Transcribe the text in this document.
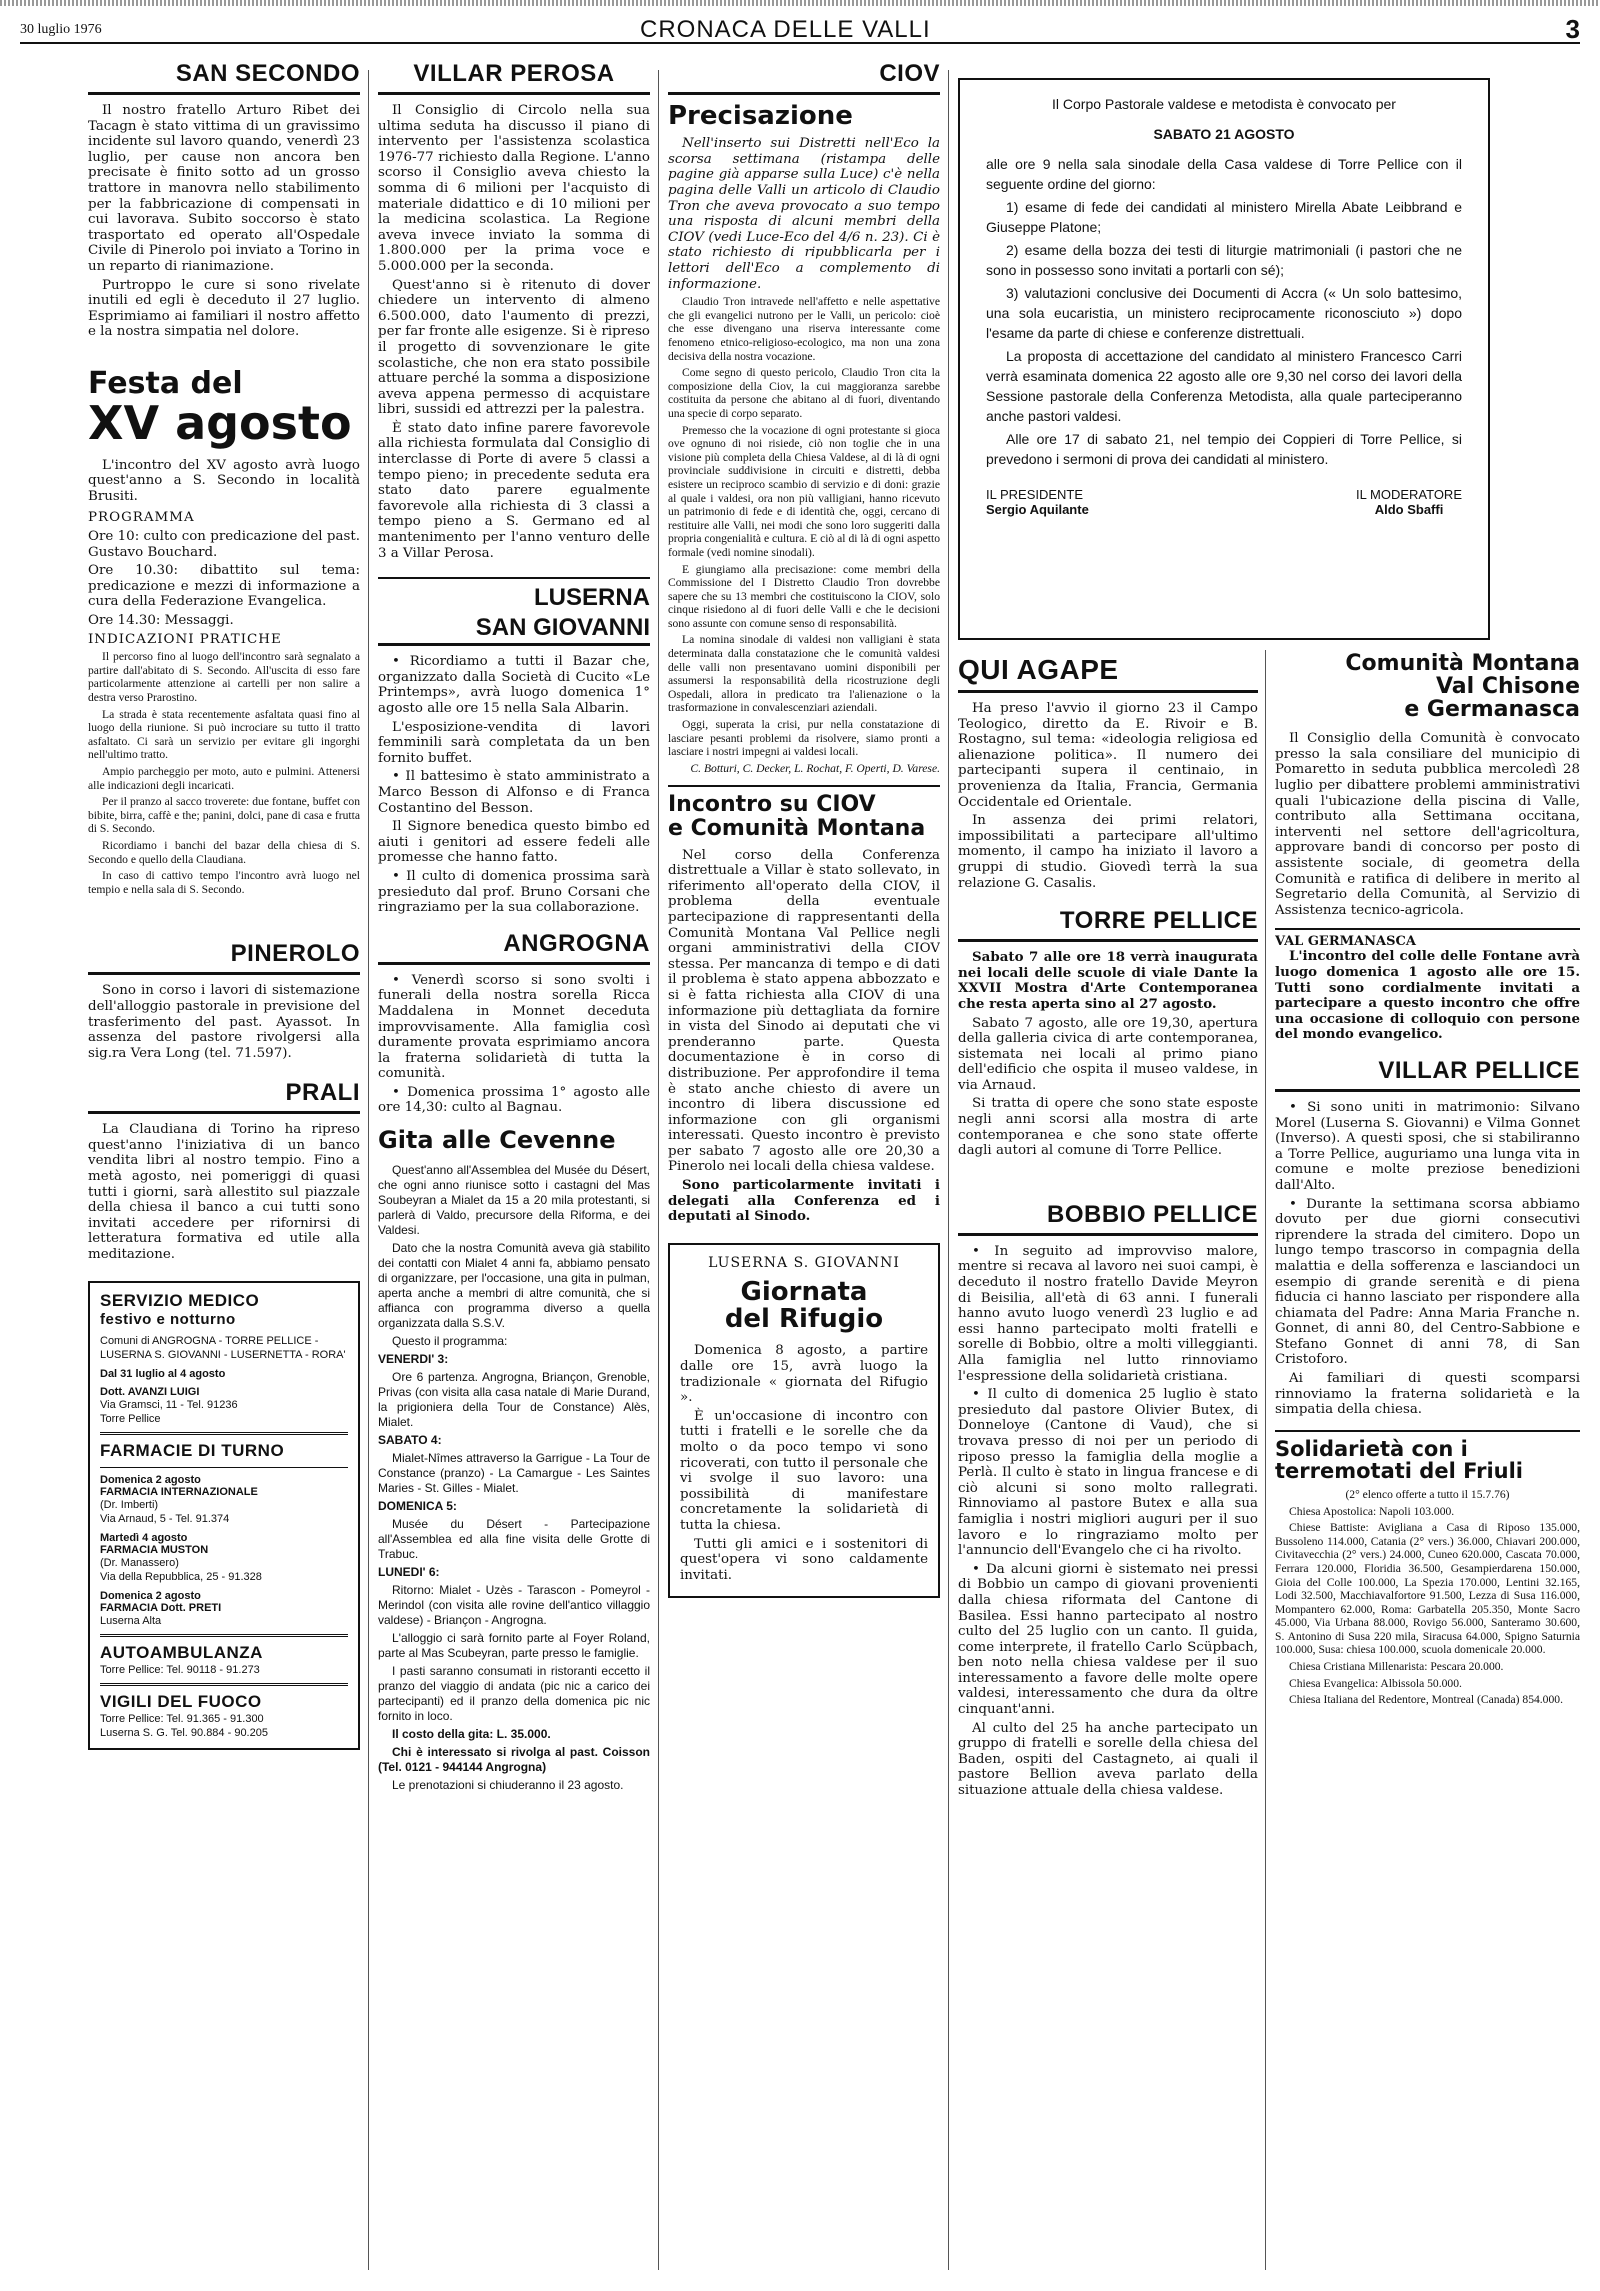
30 luglio 1976	CRONACA DELLE VALLI	3
SAN SECONDO

Il nostro fratello Arturo Ribet dei Tacagn è stato vittima di un gravissimo incidente sul lavoro quando, venerdì 23 luglio, per cause non ancora ben precisate è finito sotto ad un grosso trattore in manovra nello stabilimento per la fabbricazione di compensati in cui lavorava. Subito soccorso è stato trasportato ed operato all'Ospedale Civile di Pinerolo poi inviato a Torino in un reparto di rianimazione.

Purtroppo le cure si sono rivelate inutili ed egli è deceduto il 27 luglio. Esprimiamo ai familiari il nostro affetto e la nostra simpatia nel dolore.

Festa del
XV agosto

L'incontro del XV agosto avrà luogo quest'anno a S. Secondo in località Brusiti.

PROGRAMMA

Ore 10: culto con predicazione del past. Gustavo Bouchard.

Ore 10.30: dibattito sul tema: predicazione e mezzi di informazione a cura della Federazione Evangelica.

Ore 14.30: Messaggi.

INDICAZIONI PRATICHE

Il percorso fino al luogo dell'incontro sarà segnalato a partire dall'abitato di S. Secondo. All'uscita di esso fare particolarmente attenzione ai cartelli per non salire a destra verso Prarostino.

La strada è stata recentemente asfaltata quasi fino al luogo della riunione. Si può incrociare su tutto il tratto asfaltato. Ci sarà un servizio per evitare gli ingorghi nell'ultimo tratto.

Ampio parcheggio per moto, auto e pulmini. Attenersi alle indicazioni degli incaricati.

Per il pranzo al sacco troverete: due fontane, buffet con bibite, birra, caffè e the; panini, dolci, pane di casa e frutta di S. Secondo.

Ricordiamo i banchi del bazar della chiesa di S. Secondo e quello della Claudiana.

In caso di cattivo tempo l'incontro avrà luogo nel tempio e nella sala di S. Secondo.

PINEROLO

Sono in corso i lavori di sistemazione dell'alloggio pastorale in previsione del trasferimento del past. Ayassot. In assenza del pastore rivolgersi alla sig.ra Vera Long (tel. 71.597).

PRALI

La Claudiana di Torino ha ripreso quest'anno l'iniziativa di un banco vendita libri al nostro tempio. Fino a metà agosto, nei pomeriggi di quasi tutti i giorni, sarà allestito sul piazzale della chiesa il banco a cui tutti sono invitati accedere per rifornirsi di letteratura formativa ed utile alla meditazione.

SERVIZIO MEDICO
festivo e notturno
Comuni di ANGROGNA - TORRE PELLICE - LUSERNA S. GIOVANNI - LUSERNETTA - RORA'
Dal 31 luglio al 4 agosto
Dott. AVANZI LUIGI
Via Gramsci, 11 - Tel. 91236
Torre Pellice
FARMACIE DI TURNO
Domenica 2 agosto
FARMACIA INTERNAZIONALE
(Dr. Imberti)
Via Arnaud, 5 - Tel. 91.374
Martedì 4 agosto
FARMACIA MUSTON
(Dr. Manassero)
Via della Repubblica, 25 - 91.328
Domenica 2 agosto
FARMACIA Dott. PRETI
Luserna Alta
AUTOAMBULANZA
Torre Pellice: Tel. 90118 - 91.273
VIGILI DEL FUOCO
Torre Pellice: Tel. 91.365 - 91.300
Luserna S. G. Tel. 90.884 - 90.205
VILLAR PEROSA

Il Consiglio di Circolo nella sua ultima seduta ha discusso il piano di intervento per l'assistenza scolastica 1976-77 richiesto dalla Regione. L'anno scorso il Consiglio aveva chiesto la somma di 6 milioni per l'acquisto di materiale didattico e di 10 milioni per la medicina scolastica. La Regione aveva invece inviato la somma di 1.800.000 per la prima voce e 5.000.000 per la seconda.

Quest'anno si è ritenuto di dover chiedere un intervento di almeno 6.500.000, dato l'aumento di prezzi, per far fronte alle esigenze. Si è ripreso il progetto di sovvenzionare le gite scolastiche, che non era stato possibile attuare perché la somma a disposizione aveva appena permesso di acquistare libri, sussidi ed attrezzi per la palestra.

È stato dato infine parere favorevole alla richiesta formulata dal Consiglio di interclasse di Porte di avere 5 classi a tempo pieno; in precedente seduta era stato dato parere egualmente favorevole alla richiesta di 3 classi a tempo pieno a S. Germano ed al mantenimento per l'anno venturo delle 3 a Villar Perosa.

LUSERNA
SAN GIOVANNI

• Ricordiamo a tutti il Bazar che, organizzato dalla Società di Cucito «Le Printemps», avrà luogo domenica 1° agosto alle ore 15 nella Sala Albarin.

L'esposizione-vendita di lavori femminili sarà completata da un ben fornito buffet.

• Il battesimo è stato amministrato a Marco Besson di Alfonso e di Franca Costantino del Besson.

Il Signore benedica questo bimbo ed aiuti i genitori ad essere fedeli alle promesse che hanno fatto.

• Il culto di domenica prossima sarà presieduto dal prof. Bruno Corsani che ringraziamo per la sua collaborazione.

ANGROGNA

• Venerdì scorso si sono svolti i funerali della nostra sorella Ricca Maddalena in Monnet deceduta improvvisamente. Alla famiglia così duramente provata esprimiamo ancora la fraterna solidarietà di tutta la comunità.

• Domenica prossima 1° agosto alle ore 14,30: culto al Bagnau.

Gita alle Cevenne

Quest'anno all'Assemblea del Musée du Désert, che ogni anno riunisce sotto i castagni del Mas Soubeyran a Mialet da 15 a 20 mila protestanti, si parlerà di Valdo, precursore della Riforma, e dei Valdesi.

Dato che la nostra Comunità aveva già stabilito dei contatti con Mialet 4 anni fa, abbiamo pensato di organizzare, per l'occasione, una gita in pulman, aperta anche a membri di altre comunità, che si affianca con programma diverso a quella organizzata dalla S.S.V.

Questo il programma:

VENERDI' 3:

Ore 6 partenza. Angrogna, Briançon, Grenoble, Privas (con visita alla casa natale di Marie Durand, la prigioniera della Tour de Constance) Alès, Mialet.

SABATO 4:

Mialet-Nîmes attraverso la Garrigue - La Tour de Constance (pranzo) - La Camargue - Les Saintes Maries - St. Gilles - Mialet.

DOMENICA 5:

Musée du Désert - Partecipazione all'Assemblea ed alla fine visita delle Grotte di Trabuc.

LUNEDI' 6:

Ritorno: Mialet - Uzès - Tarascon - Pomeyrol - Merindol (con visita alle rovine dell'antico villaggio valdese) - Briançon - Angrogna.

L'alloggio ci sarà fornito parte al Foyer Roland, parte al Mas Scubeyran, parte presso le famiglie.

I pasti saranno consumati in ristoranti eccetto il pranzo del viaggio di andata (pic nic a carico dei partecipanti) ed il pranzo della domenica pic nic fornito in loco.

Il costo della gita: L. 35.000.

Chi è interessato si rivolga al past. Coisson (Tel. 0121 - 944144 Angrogna)

Le prenotazioni si chiuderanno il 23 agosto.

CIOV
Precisazione

Nell'inserto sui Distretti nell'Eco la scorsa settimana (ristampa delle pagine già apparse sulla Luce) c'è nella pagina delle Valli un articolo di Claudio Tron che aveva provocato a suo tempo una risposta di alcuni membri della CIOV (vedi Luce-Eco del 4/6 n. 23). Ci è stato richiesto di ripubblicarla per i lettori dell'Eco a complemento di informazione.

Claudio Tron intravede nell'affetto e nelle aspettative che gli evangelici nutrono per le Valli, un pericolo: cioè che esse divengano una riserva interessante come fenomeno etnico-religioso-ecologico, ma non una zona decisiva della nostra vocazione.

Come segno di questo pericolo, Claudio Tron cita la composizione della Ciov, la cui maggioranza sarebbe costituita da persone che abitano al di fuori, diventando una specie di corpo separato.

Premesso che la vocazione di ogni protestante si gioca ove ognuno di noi risiede, ciò non toglie che in una visione più completa della Chiesa Valdese, al di là di ogni provinciale suddivisione in circuiti e distretti, debba esistere un reciproco scambio di servizio e di doni: grazie al quale i valdesi, ora non più valligiani, hanno ricevuto un patrimonio di fede e di identità che, oggi, cercano di restituire alle Valli, nei modi che sono loro suggeriti dalla propria congenialità e cultura. E ciò al di là di ogni aspetto formale (vedi nomine sinodali).

E giungiamo alla precisazione: come membri della Commissione del I Distretto Claudio Tron dovrebbe sapere che su 13 membri che costituiscono la CIOV, solo cinque risiedono al di fuori delle Valli e che le decisioni sono assunte con comune senso di responsabilità.

La nomina sinodale di valdesi non valligiani è stata determinata dalla constatazione che le comunità valdesi delle valli non presentavano uomini disponibili per assumersi la responsabilità della ricostruzione degli Ospedali, allora in predicato tra l'alienazione o la trasformazione in convalescenziari aziendali.

Oggi, superata la crisi, pur nella constatazione di lasciare pesanti problemi da risolvere, siamo pronti a lasciare i nostri impegni ai valdesi locali.

C. Botturi, C. Decker, L. Rochat, F. Operti, D. Varese.

Incontro su CIOV
e Comunità Montana

Nel corso della Conferenza distrettuale a Villar è stato sollevato, in riferimento all'operato della CIOV, il problema della eventuale partecipazione di rappresentanti della Comunità Montana Val Pellice negli organi amministrativi della CIOV stessa. Per mancanza di tempo e di dati il problema è stato appena abbozzato e si è fatta richiesta alla CIOV di una informazione più dettagliata da fornire in vista del Sinodo ai deputati che vi prenderanno parte. Questa documentazione è in corso di distribuzione. Per approfondire il tema è stato anche chiesto di avere un incontro di libera discussione ed informazione con gli organismi interessati. Questo incontro è previsto per sabato 7 agosto alle ore 20,30 a Pinerolo nei locali della chiesa valdese.

Sono particolarmente invitati i delegati alla Conferenza ed i deputati al Sinodo.

LUSERNA S. GIOVANNI
Giornata
del Rifugio

Domenica 8 agosto, a partire dalle ore 15, avrà luogo la tradizionale « giornata del Rifugio ».

È un'occasione di incontro con tutti i fratelli e le sorelle che da molto o da poco tempo vi sono ricoverati, con tutto il personale che vi svolge il suo lavoro: una possibilità di manifestare concretamente la solidarietà di tutta la chiesa.

Tutti gli amici e i sostenitori di quest'opera vi sono caldamente invitati.

Il Corpo Pastorale valdese e metodista è convocato per

SABATO 21 AGOSTO

alle ore 9 nella sala sinodale della Casa valdese di Torre Pellice con il seguente ordine del giorno:

1) esame di fede dei candidati al ministero Mirella Abate Leibbrand e Giuseppe Platone;

2) esame della bozza dei testi di liturgie matrimoniali (i pastori che ne sono in possesso sono invitati a portarli con sé);

3) valutazioni conclusive dei Documenti di Accra (« Un solo battesimo, una sola eucaristia, un ministero reciprocamente riconosciuto ») dopo l'esame da parte di chiese e conferenze distrettuali.

La proposta di accettazione del candidato al ministero Francesco Carri verrà esaminata domenica 22 agosto alle ore 9,30 nel corso dei lavori della Sessione pastorale della Conferenza Metodista, alla quale parteciperanno anche pastori valdesi.

Alle ore 17 di sabato 21, nel tempio dei Coppieri di Torre Pellice, si prevedono i sermoni di prova dei candidati al ministero.

IL PRESIDENTE
Sergio Aquilante
IL MODERATORE
Aldo Sbaffi
QUI AGAPE

Ha preso l'avvio il giorno 23 il Campo Teologico, diretto da E. Rivoir e B. Rostagno, sul tema: «ideologia religiosa ed alienazione politica». Il numero dei partecipanti supera il centinaio, in provenienza da Italia, Francia, Germania Occidentale ed Orientale.

In assenza dei primi relatori, impossibilitati a partecipare all'ultimo momento, il campo ha iniziato il lavoro a gruppi di studio. Giovedì terrà la sua relazione G. Casalis.

TORRE PELLICE

Sabato 7 alle ore 18 verrà inaugurata nei locali delle scuole di viale Dante la XXVII Mostra d'Arte Contemporanea che resta aperta sino al 27 agosto.

Sabato 7 agosto, alle ore 19,30, apertura della galleria civica di arte contemporanea, sistemata nei locali al primo piano dell'edificio che ospita il museo valdese, in via Arnaud.

Si tratta di opere che sono state esposte negli anni scorsi alla mostra di arte contemporanea e che sono state offerte dagli autori al comune di Torre Pellice.

BOBBIO PELLICE

• In seguito ad improvviso malore, mentre si recava al lavoro nei suoi campi, è deceduto il nostro fratello Davide Meyron di Beisilia, all'età di 63 anni. I funerali hanno avuto luogo venerdì 23 luglio e ad essi hanno partecipato molti fratelli e sorelle di Bobbio, oltre a molti villeggianti. Alla famiglia nel lutto rinnoviamo l'espressione della solidarietà cristiana.

• Il culto di domenica 25 luglio è stato presieduto dal pastore Olivier Butex, di Donneloye (Cantone di Vaud), che si trovava presso di noi per un periodo di riposo presso la famiglia della moglie a Perlà. Il culto è stato in lingua francese e di ciò alcuni si sono molto rallegrati. Rinnoviamo al pastore Butex e alla sua famiglia i nostri migliori auguri per il suo lavoro e lo ringraziamo molto per l'annuncio dell'Evangelo che ci ha rivolto.

• Da alcuni giorni è sistemato nei pressi di Bobbio un campo di giovani provenienti dalla chiesa riformata del Cantone di Basilea. Essi hanno partecipato al nostro culto del 25 luglio con un canto. Il guida, come interprete, il fratello Carlo Scüpbach, ben noto nella chiesa valdese per il suo interessamento a favore delle molte opere valdesi, interessamento che dura da oltre cinquant'anni.

Al culto del 25 ha anche partecipato un gruppo di fratelli e sorelle della chiesa del Baden, ospiti del Castagneto, ai quali il pastore Bellion aveva parlato della situazione attuale della chiesa valdese.

Comunità Montana
Val Chisone
e Germanasca

Il Consiglio della Comunità è convocato presso la sala consiliare del municipio di Pomaretto in seduta pubblica mercoledì 28 luglio per dibattere problemi amministrativi quali l'ubicazione della piscina di Valle, contributo alla Settimana occitana, interventi nel settore dell'agricoltura, approvare bandi di concorso per posto di assistente sociale, di geometra della Comunità e ratifica di delibere in merito al Segretario della Comunità, al Servizio di Assistenza tecnico-agricola.

VAL GERMANASCA

L'incontro del colle delle Fontane avrà luogo domenica 1 agosto alle ore 15. Tutti sono cordialmente invitati a partecipare a questo incontro che offre una occasione di colloquio con persone del mondo evangelico.

VILLAR PELLICE

• Si sono uniti in matrimonio: Silvano Morel (Luserna S. Giovanni) e Vilma Gonnet (Inverso). A questi sposi, che si stabiliranno a Torre Pellice, auguriamo una lunga vita in comune e molte preziose benedizioni dall'Alto.

• Durante la settimana scorsa abbiamo dovuto per due giorni consecutivi riprendere la strada del cimitero. Dopo un lungo tempo trascorso in compagnia della malattia e della sofferenza e lasciandoci un esempio di grande serenità e di piena fiducia ci hanno lasciato per rispondere alla chiamata del Padre: Anna Maria Franche n. Gonnet, di anni 80, del Centro-Sabbione e Stefano Gonnet di anni 78, di San Cristoforo.

Ai familiari di questi scomparsi rinnoviamo la fraterna solidarietà e la simpatia della chiesa.

Solidarietà con i
terremotati del Friuli

(2° elenco offerte a tutto il 15.7.76)

Chiesa Apostolica: Napoli 103.000.

Chiese Battiste: Avigliana a Casa di Riposo 135.000, Bussoleno 114.000, Catania (2° vers.) 36.000, Chiavari 200.000, Civitavecchia (2° vers.) 24.000, Cuneo 620.000, Cascata 70.000, Ferrara 120.000, Floridia 36.500, Gesampierdarena 150.000, Gioia del Colle 100.000, La Spezia 170.000, Lentini 32.165, Lodi 32.500, Macchiavalfortore 91.500, Lezza di Susa 116.000, Mompantero 62.000, Roma: Garbatella 205.350, Monte Sacro 45.000, Via Urbana 88.000, Rovigo 56.000, Santeramo 30.600, S. Antonino di Susa 220 mila, Siracusa 64.000, Spigno Saturnia 100.000, Susa: chiesa 100.000, scuola domenicale 20.000.

Chiesa Cristiana Millenarista: Pescara 20.000.

Chiesa Evangelica: Albissola 50.000.

Chiesa Italiana del Redentore, Montreal (Canada) 854.000.
